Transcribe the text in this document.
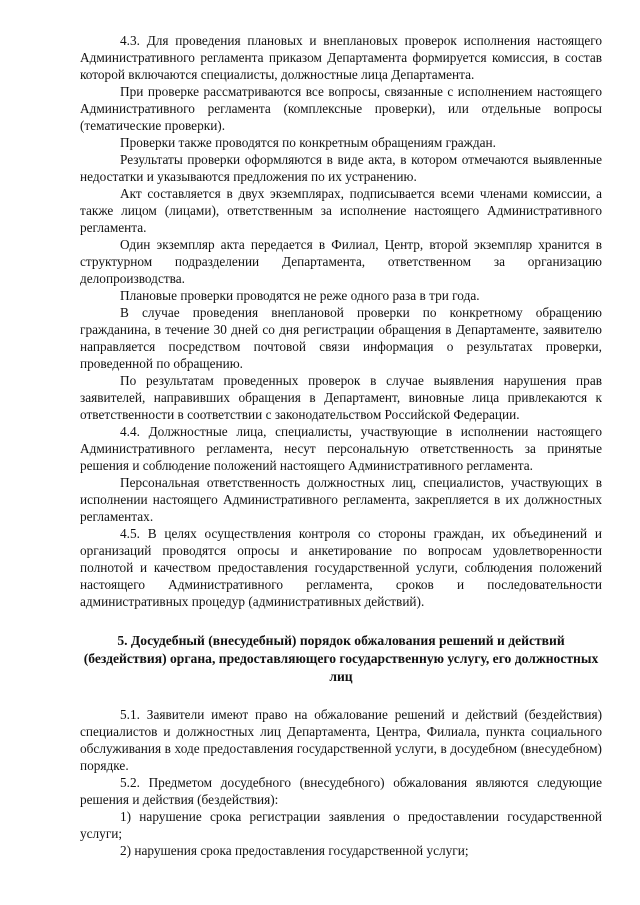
4.3. Для проведения плановых и внеплановых проверок исполнения настоящего Административного регламента приказом Департамента формируется комиссия, в состав которой включаются специалисты, должностные лица Департамента.

При проверке рассматриваются все вопросы, связанные с исполнением настоящего Административного регламента (комплексные проверки), или отдельные вопросы (тематические проверки).

Проверки также проводятся по конкретным обращениям граждан.

Результаты проверки оформляются в виде акта, в котором отмечаются выявленные недостатки и указываются предложения по их устранению.

Акт составляется в двух экземплярах, подписывается всеми членами комиссии, а также лицом (лицами), ответственным за исполнение настоящего Административного регламента.

Один экземпляр акта передается в Филиал, Центр, второй экземпляр хранится в структурном подразделении Департамента, ответственном за организацию делопроизводства.

Плановые проверки проводятся не реже одного раза в три года.

В случае проведения внеплановой проверки по конкретному обращению гражданина, в течение 30 дней со дня регистрации обращения в Департаменте, заявителю направляется посредством почтовой связи информация о результатах проверки, проведенной по обращению.

По результатам проведенных проверок в случае выявления нарушения прав заявителей, направивших обращения в Департамент, виновные лица привлекаются к ответственности в соответствии с законодательством Российской Федерации.

4.4. Должностные лица, специалисты, участвующие в исполнении настоящего Административного регламента, несут персональную ответственность за принятые решения и соблюдение положений настоящего Административного регламента.

Персональная ответственность должностных лиц, специалистов, участвующих в исполнении настоящего Административного регламента, закрепляется в их должностных регламентах.

4.5. В целях осуществления контроля со стороны граждан, их объединений и организаций проводятся опросы и анкетирование по вопросам удовлетворенности полнотой и качеством предоставления государственной услуги, соблюдения положений настоящего Административного регламента, сроков и последовательности административных процедур (административных действий).

5. Досудебный (внесудебный) порядок обжалования решений и действий (бездействия) органа, предоставляющего государственную услугу, его должностных лиц

5.1. Заявители имеют право на обжалование решений и действий (бездействия) специалистов и должностных лиц Департамента, Центра, Филиала, пункта социального обслуживания в ходе предоставления государственной услуги, в досудебном (внесудебном) порядке.

5.2. Предметом досудебного (внесудебного) обжалования являются следующие решения и действия (бездействия):

1) нарушение срока регистрации заявления о предоставлении государственной услуги;

2) нарушения срока предоставления государственной услуги;
